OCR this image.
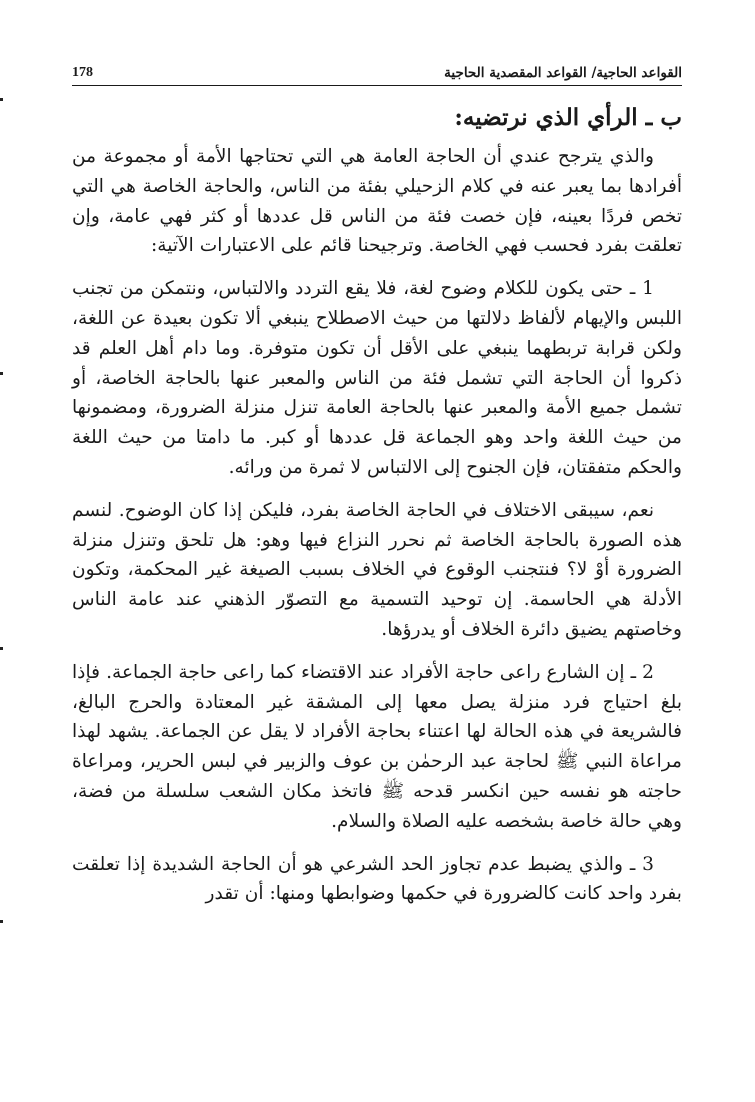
القواعد الحاجية/ القواعد المقصدية الحاجية
178
ب ـ الرأي الذي نرتضيه:

والذي يترجح عندي أن الحاجة العامة هي التي تحتاجها الأمة أو مجموعة من أفرادها بما يعبر عنه في كلام الزحيلي بفئة من الناس، والحاجة الخاصة هي التي تخص فردًا بعينه، فإن خصت فئة من الناس قل عددها أو كثر فهي عامة، وإن تعلقت بفرد فحسب فهي الخاصة. وترجيحنا قائم على الاعتبارات الآتية:

1 ـ حتى يكون للكلام وضوح لغة، فلا يقع التردد والالتباس، ونتمكن من تجنب اللبس والإيهام لألفاظ دلالتها من حيث الاصطلاح ينبغي ألا تكون بعيدة عن اللغة، ولكن قرابة تربطهما ينبغي على الأقل أن تكون متوفرة. وما دام أهل العلم قد ذكروا أن الحاجة التي تشمل فئة من الناس والمعبر عنها بالحاجة الخاصة، أو تشمل جميع الأمة والمعبر عنها بالحاجة العامة تنزل منزلة الضرورة، ومضمونها من حيث اللغة واحد وهو الجماعة قل عددها أو كبر. ما دامتا من حيث اللغة والحكم متفقتان، فإن الجنوح إلى الالتباس لا ثمرة من ورائه.

نعم، سيبقى الاختلاف في الحاجة الخاصة بفرد، فليكن إذا كان الوضوح. لنسم هذه الصورة بالحاجة الخاصة ثم نحرر النزاع فيها وهو: هل تلحق وتنزل منزلة الضرورة أوْ لا؟ فنتجنب الوقوع في الخلاف بسبب الصيغة غير المحكمة، وتكون الأدلة هي الحاسمة. إن توحيد التسمية مع التصوّر الذهني عند عامة الناس وخاصتهم يضيق دائرة الخلاف أو يدرؤها.

2 ـ إن الشارع راعى حاجة الأفراد عند الاقتضاء كما راعى حاجة الجماعة. فإذا بلغ احتياج فرد منزلة يصل معها إلى المشقة غير المعتادة والحرج البالغ، فالشريعة في هذه الحالة لها اعتناء بحاجة الأفراد لا يقل عن الجماعة. يشهد لهذا مراعاة النبي ﷺ لحاجة عبد الرحمٰن بن عوف والزبير في لبس الحرير، ومراعاة حاجته هو نفسه حين انكسر قدحه ﷺ فاتخذ مكان الشعب سلسلة من فضة، وهي حالة خاصة بشخصه عليه الصلاة والسلام.

3 ـ والذي يضبط عدم تجاوز الحد الشرعي هو أن الحاجة الشديدة إذا تعلقت بفرد واحد كانت كالضرورة في حكمها وضوابطها ومنها: أن تقدر
